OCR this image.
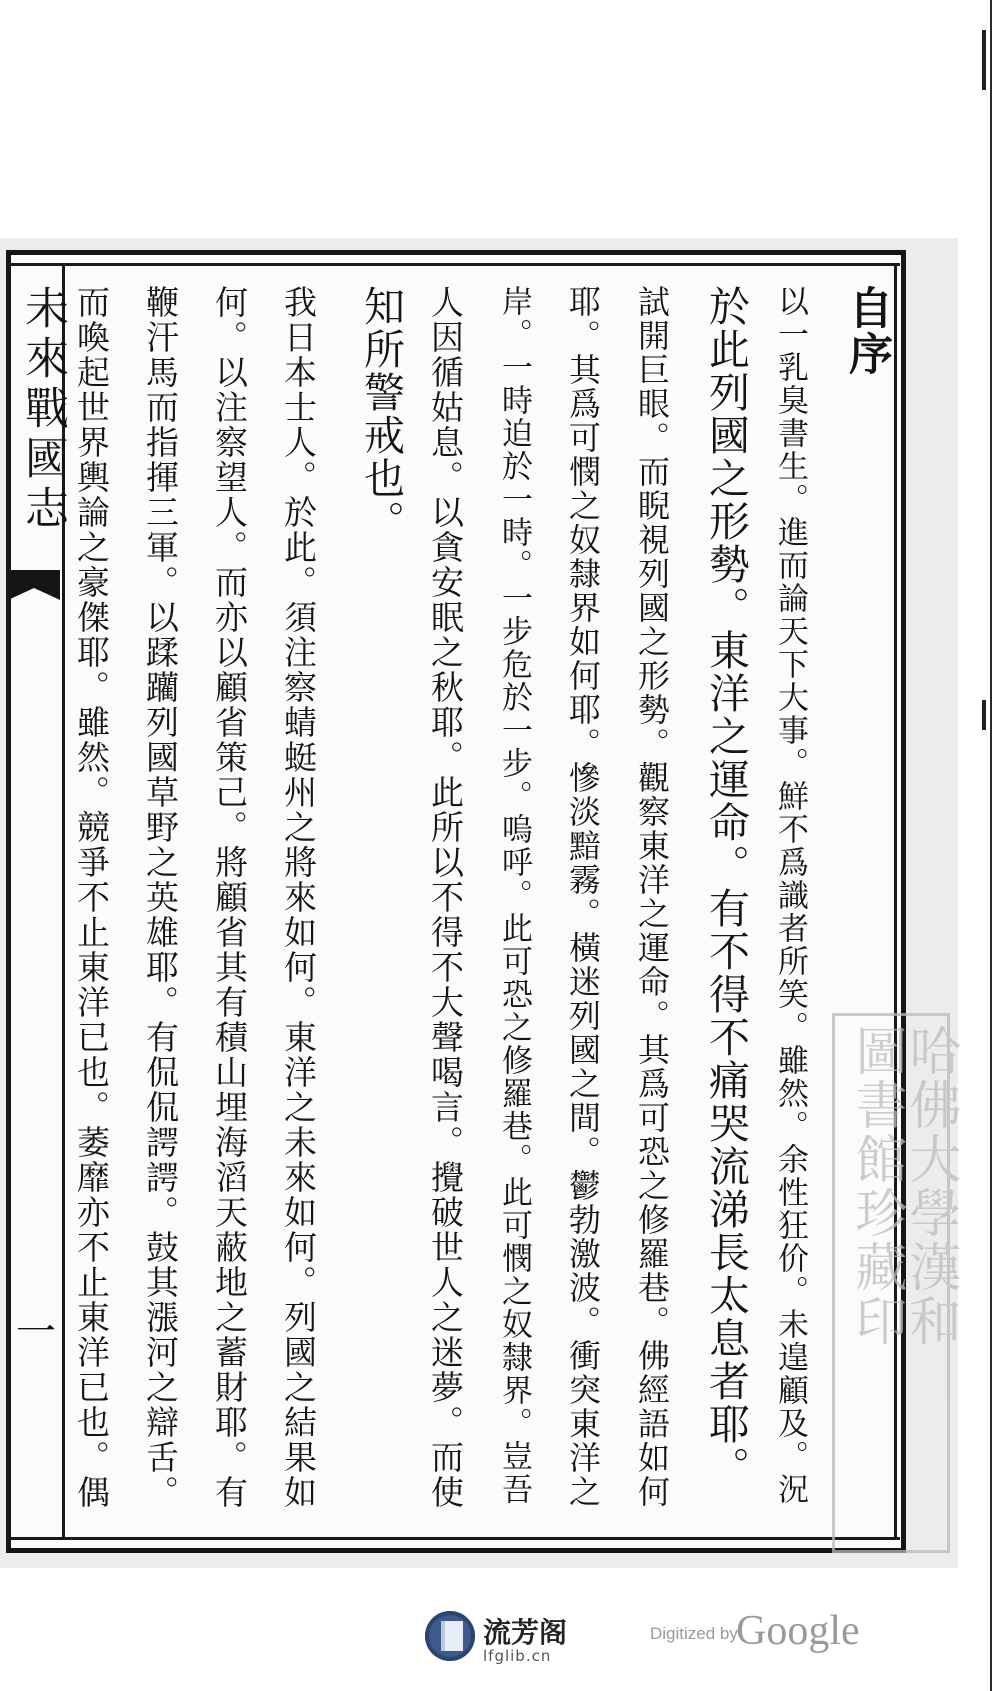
未來戰國志
一	哈佛大學漢和
圖書館珍藏印
自序
以一乳臭書生。進而論天下大事。鮮不爲識者所笑。雖然。余性狂价。未遑顧及。況
於此列國之形勢。東洋之運命。有不得不痛哭流涕長太息者耶。
試開巨眼。而睨視列國之形勢。觀察東洋之運命。其爲可恐之修羅巷。佛經語如何
耶。其爲可憫之奴隸界如何耶。慘淡黯霧。橫迷列國之間。鬱勃激波。衝突東洋之
岸。一時迫於一時。一步危於一步。嗚呼。此可恐之修羅巷。此可憫之奴隸界。豈吾
人因循姑息。以貪安眠之秋耶。此所以不得不大聲喝言。攪破世人之迷夢。而使
知所警戒也。
我日本士人。於此。須注察蜻蜓州之將來如何。東洋之未來如何。列國之結果如
何。以注察望人。而亦以顧省策己。將顧省其有積山埋海滔天蔽地之蓄財耶。有
鞭汗馬而指揮三軍。以蹂躪列國草野之英雄耶。有侃侃諤諤。鼓其漲河之辯舌。
而喚起世界輿論之豪傑耶。雖然。競爭不止東洋已也。萎靡亦不止東洋已也。偶
流芳阁
lfglib.cn
Digitized by
Google
